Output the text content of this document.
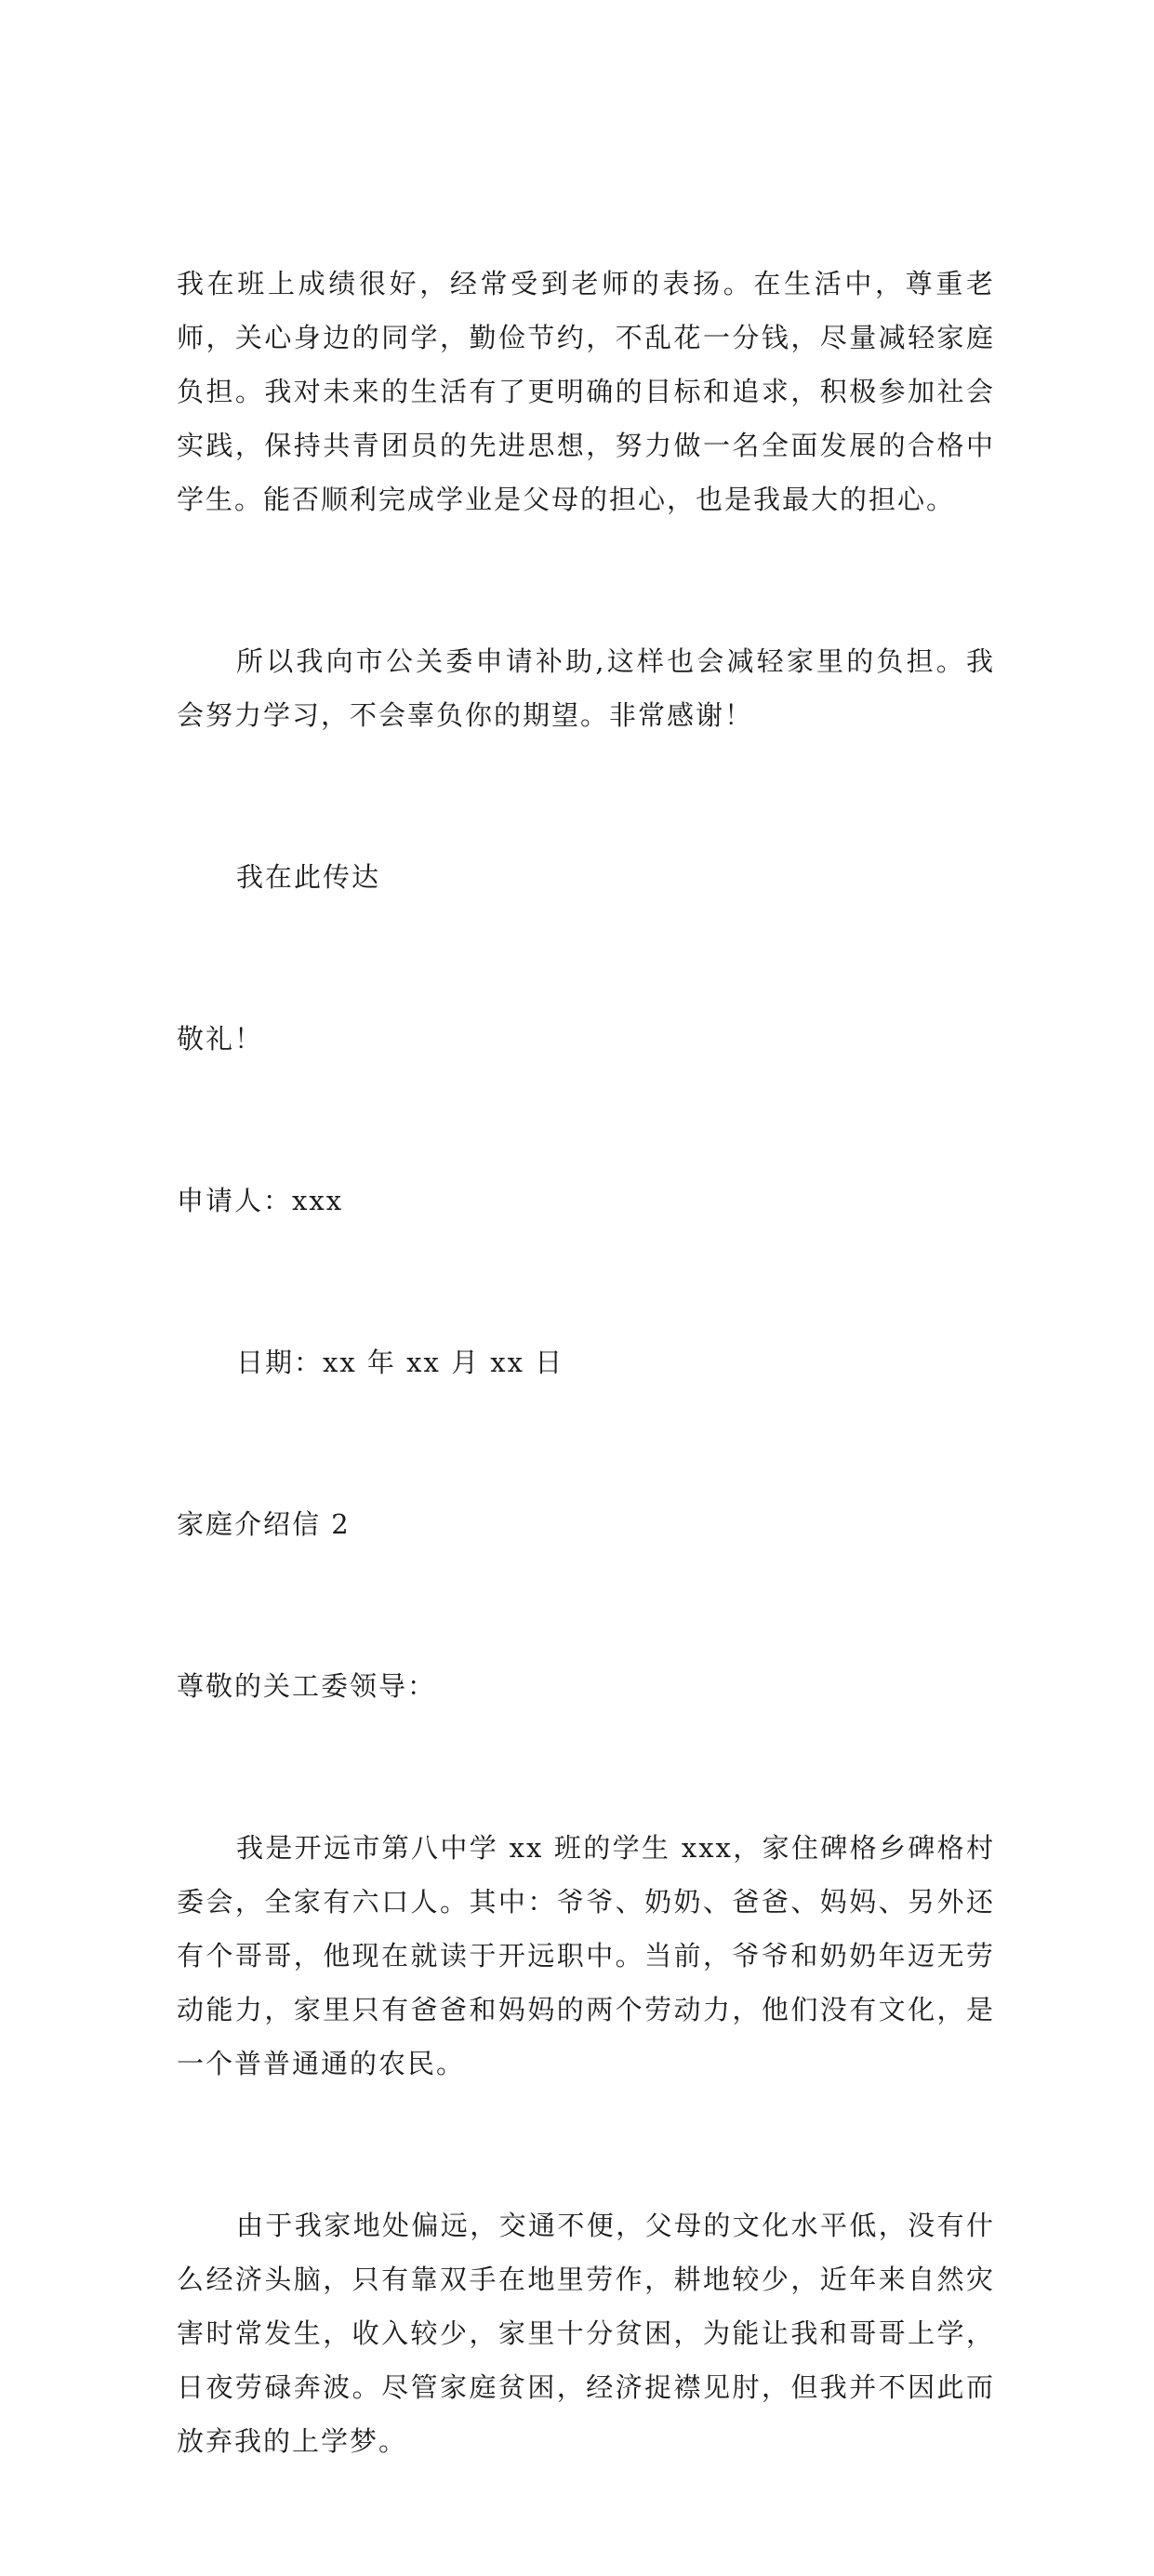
我在班上成绩很好，经常受到老师的表扬。在生活中，尊重老师，关心身边的同学，勤俭节约，不乱花一分钱，尽量减轻家庭负担。我对未来的生活有了更明确的目标和追求，积极参加社会实践，保持共青团员的先进思想，努力做一名全面发展的合格中学生。能否顺利完成学业是父母的担心，也是我最大的担心。

所以我向市公关委申请补助,这样也会减轻家里的负担。我会努力学习，不会辜负你的期望。非常感谢！

我在此传达

敬礼！

申请人：xxx

日期：xx 年 xx 月 xx 日

家庭介绍信 2

尊敬的关工委领导：

我是开远市第八中学 xx 班的学生 xxx，家住碑格乡碑格村委会，全家有六口人。其中：爷爷、奶奶、爸爸、妈妈、另外还有个哥哥，他现在就读于开远职中。当前，爷爷和奶奶年迈无劳动能力，家里只有爸爸和妈妈的两个劳动力，他们没有文化，是一个普普通通的农民。

由于我家地处偏远，交通不便，父母的文化水平低，没有什么经济头脑，只有靠双手在地里劳作，耕地较少，近年来自然灾害时常发生，收入较少，家里十分贫困，为能让我和哥哥上学，日夜劳碌奔波。尽管家庭贫困，经济捉襟见肘，但我并不因此而放弃我的上学梦。
